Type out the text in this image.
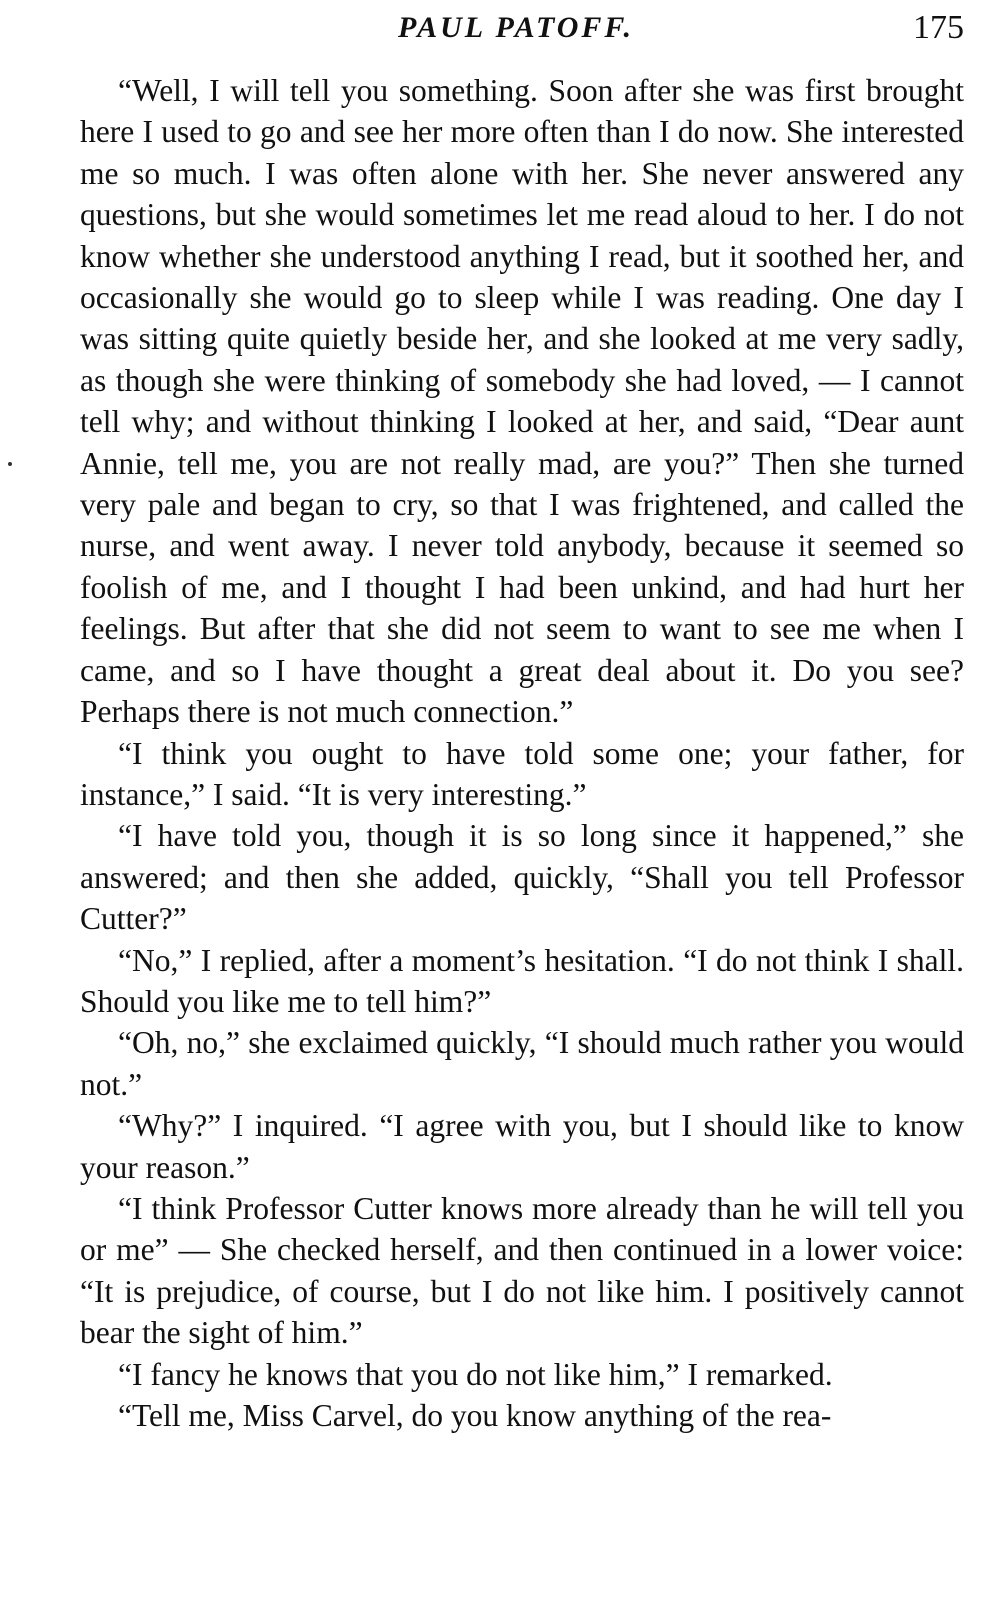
PAUL PATOFF.	175

“Well, I will tell you something. Soon after she was first brought here I used to go and see her more often than I do now. She interested me so much. I was often alone with her. She never answered any questions, but she would sometimes let me read aloud to her. I do not know whether she understood anything I read, but it soothed her, and occasionally she would go to sleep while I was reading. One day I was sitting quite quietly beside her, and she looked at me very sadly, as though she were thinking of somebody she had loved, — I cannot tell why; and without thinking I looked at her, and said, “Dear aunt Annie, tell me, you are not really mad, are you?” Then she turned very pale and began to cry, so that I was frightened, and called the nurse, and went away. I never told anybody, because it seemed so foolish of me, and I thought I had been unkind, and had hurt her feelings. But after that she did not seem to want to see me when I came, and so I have thought a great deal about it. Do you see? Perhaps there is not much connection.”

“I think you ought to have told some one; your father, for instance,” I said. “It is very interesting.”

“I have told you, though it is so long since it happened,” she answered; and then she added, quickly, “Shall you tell Professor Cutter?”

“No,” I replied, after a moment’s hesitation. “I do not think I shall. Should you like me to tell him?”

“Oh, no,” she exclaimed quickly, “I should much rather you would not.”

“Why?” I inquired. “I agree with you, but I should like to know your reason.”

“I think Professor Cutter knows more already than he will tell you or me” — She checked herself, and then continued in a lower voice: “It is prejudice, of course, but I do not like him. I positively cannot bear the sight of him.”

“I fancy he knows that you do not like him,” I remarked.

“Tell me, Miss Carvel, do you know anything of the rea-
